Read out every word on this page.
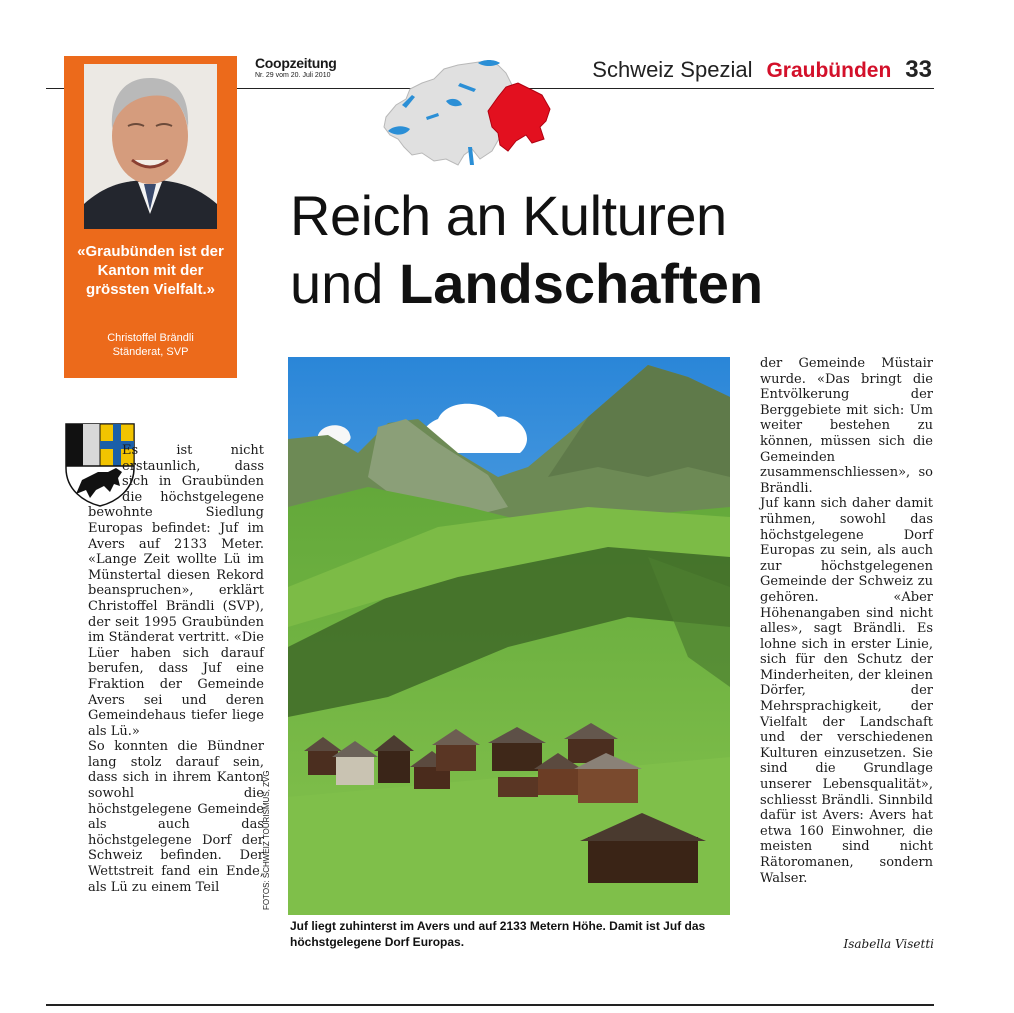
Coopzeitung
Nr. 29 vom 20. Juli 2010	Schweiz Spezial Graubünden 33
«Graubünden ist der Kanton mit der grössten Vielfalt.»
Christoffel Brändli
Ständerat, SVP
Reich an Kulturen
und Landschaften

Es ist nicht erstaunlich, dass sich in Graubünden die höchstgelegene bewohnte Siedlung Europas befindet: Juf im Avers auf 2133 Meter. «Lange Zeit wollte Lü im Münstertal diesen Rekord beanspruchen», erklärt Christoffel Brändli (SVP), der seit 1995 Graubünden im Ständerat vertritt. «Die Lüer haben sich darauf berufen, dass Juf eine Fraktion der Gemeinde Avers sei und deren Gemeindehaus tiefer liege als Lü.»

So konnten die Bündner lang stolz darauf sein, dass sich in ihrem Kanton sowohl die höchstgelegene Gemeinde als auch das höchstgelegene Dorf der Schweiz befinden. Der Wettstreit fand ein Ende, als Lü zu einem Teil	FOTOS: SCHWEIZ TOURISMUS, ZVG
Juf liegt zuhinterst im Avers und auf 2133 Metern Höhe. Damit ist Juf das höchstgelegene Dorf Europas.

der Gemeinde Müstair wurde. «Das bringt die Entvölkerung der Berggebiete mit sich: Um weiter bestehen zu können, müssen sich die Gemeinden zusammenschliessen», so Brändli.

Juf kann sich daher damit rühmen, sowohl das höchstgelegene Dorf Europas zu sein, als auch zur höchstgelegenen Gemeinde der Schweiz zu gehören. «Aber Höhenangaben sind nicht alles», sagt Brändli. Es lohne sich in erster Linie, sich für den Schutz der Minderheiten, der kleinen Dörfer, der Mehrsprachigkeit, der Vielfalt der Landschaft und der verschiedenen Kulturen einzusetzen. Sie sind die Grundlage unserer Lebensqualität», schliesst Brändli. Sinnbild dafür ist Avers: Avers hat etwa 160 Einwohner, die meisten sind nicht Rätoromanen, sondern Walser.

Isabella Visetti
